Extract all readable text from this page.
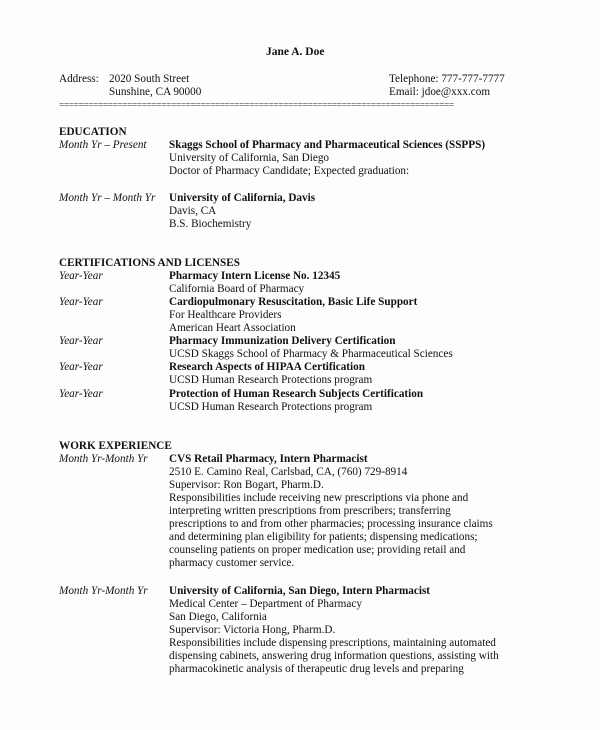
Jane A. Doe
Address: 2020 South Street
Sunshine, CA 90000
Telephone: 777-777-7777
Email: jdoe@xxx.com
=================================================================================
EDUCATION
Month Yr – Present Skaggs School of Pharmacy and Pharmaceutical Sciences (SSPPS)
University of California, San Diego
Doctor of Pharmacy Candidate; Expected graduation:
Month Yr – Month Yr University of California, Davis
Davis, CA
B.S. Biochemistry
CERTIFICATIONS AND LICENSES
Year-Year	Pharmacy Intern License No. 12345
California Board of Pharmacy
Year-Year	Cardiopulmonary Resuscitation, Basic Life Support
For Healthcare Providers
American Heart Association
Year-Year	Pharmacy Immunization Delivery Certification
UCSD Skaggs School of Pharmacy & Pharmaceutical Sciences
Year-Year	Research Aspects of HIPAA Certification
UCSD Human Research Protections program
Year-Year	Protection of Human Research Subjects Certification
UCSD Human Research Protections program
WORK EXPERIENCE
Month Yr-Month Yr CVS Retail Pharmacy, Intern Pharmacist
2510 E. Camino Real, Carlsbad, CA, (760) 729-8914
Supervisor: Ron Bogart, Pharm.D.
Responsibilities include receiving new prescriptions via phone and
interpreting written prescriptions from prescribers; transferring
prescriptions to and from other pharmacies; processing insurance claims
and determining plan eligibility for patients; dispensing medications;
counseling patients on proper medication use; providing retail and
pharmacy customer service.
Month Yr-Month Yr University of California, San Diego, Intern Pharmacist
Medical Center – Department of Pharmacy
San Diego, California
Supervisor: Victoria Hong, Pharm.D.
Responsibilities include dispensing prescriptions, maintaining automated
dispensing cabinets, answering drug information questions, assisting with
pharmacokinetic analysis of therapeutic drug levels and preparing
